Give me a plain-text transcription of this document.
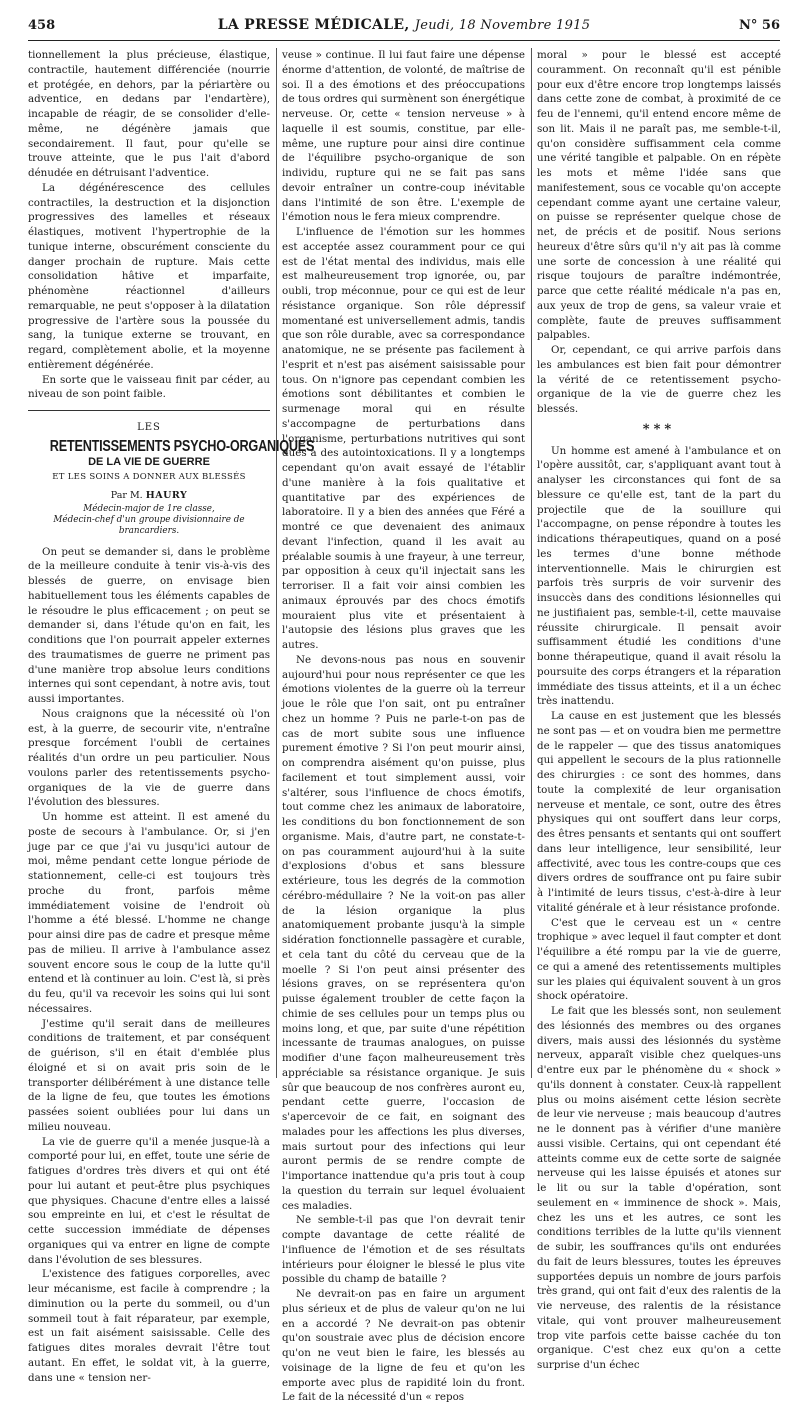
458	LA PRESSE MÉDICALE, Jeudi, 18 Novembre 1915	N° 56

tionnellement la plus précieuse, élastique, contractile, hautement différenciée (nourrie et protégée, en dehors, par la périartère ou adventice, en dedans par l'endartère), incapable de réagir, de se consolider d'elle-même, ne dégénère jamais que secondairement. Il faut, pour qu'elle se trouve atteinte, que le pus l'ait d'abord dénudée en détruisant l'adventice.

La dégénérescence des cellules contractiles, la destruction et la disjonction progressives des lamelles et réseaux élastiques, motivent l'hypertrophie de la tunique interne, obscurément consciente du danger prochain de rupture. Mais cette consolidation hâtive et imparfaite, phénomène réactionnel d'ailleurs remarquable, ne peut s'opposer à la dilatation progressive de l'artère sous la poussée du sang, la tunique externe se trouvant, en regard, complètement abolie, et la moyenne entièrement dégénérée.

En sorte que le vaisseau finit par céder, au niveau de son point faible.

LES
RETENTISSEMENTS PSYCHO-ORGANIQUES
DE LA VIE DE GUERRE
ET LES SOINS A DONNER AUX BLESSÉS
Par M. HAURY
Médecin-major de 1re classe,
Médecin-chef d'un groupe divisionnaire de brancardiers.

On peut se demander si, dans le problème de la meilleure conduite à tenir vis-à-vis des blessés de guerre, on envisage bien habituellement tous les éléments capables de le résoudre le plus efficacement ; on peut se demander si, dans l'étude qu'on en fait, les conditions que l'on pourrait appeler externes des traumatismes de guerre ne priment pas d'une manière trop absolue leurs conditions internes qui sont cependant, à notre avis, tout aussi importantes.

Nous craignons que la nécessité où l'on est, à la guerre, de secourir vite, n'entraîne presque forcément l'oubli de certaines réalités d'un ordre un peu particulier. Nous voulons parler des retentissements psycho-organiques de la vie de guerre dans l'évolution des blessures.

Un homme est atteint. Il est amené du poste de secours à l'ambulance. Or, si j'en juge par ce que j'ai vu jusqu'ici autour de moi, même pendant cette longue période de stationnement, celle-ci est toujours très proche du front, parfois même immédiatement voisine de l'endroit où l'homme a été blessé. L'homme ne change pour ainsi dire pas de cadre et presque même pas de milieu. Il arrive à l'ambulance assez souvent encore sous le coup de la lutte qu'il entend et là continuer au loin. C'est là, si près du feu, qu'il va recevoir les soins qui lui sont nécessaires.

J'estime qu'il serait dans de meilleures conditions de traitement, et par conséquent de guérison, s'il en était d'emblée plus éloigné et si on avait pris soin de le transporter délibérément à une distance telle de la ligne de feu, que toutes les émotions passées soient oubliées pour lui dans un milieu nouveau.

La vie de guerre qu'il a menée jusque-là a comporté pour lui, en effet, toute une série de fatigues d'ordres très divers et qui ont été pour lui autant et peut-être plus psychiques que physiques. Chacune d'entre elles a laissé sou empreinte en lui, et c'est le résultat de cette succession immédiate de dépenses organiques qui va entrer en ligne de compte dans l'évolution de ses blessures.

L'existence des fatigues corporelles, avec leur mécanisme, est facile à comprendre ; la diminution ou la perte du sommeil, ou d'un sommeil tout à fait réparateur, par exemple, est un fait aisément saisissable. Celle des fatigues dites morales devrait l'être tout autant. En effet, le soldat vit, à la guerre, dans une « tension ner-

veuse » continue. Il lui faut faire une dépense énorme d'attention, de volonté, de maîtrise de soi. Il a des émotions et des préoccupations de tous ordres qui surmènent son énergétique nerveuse. Or, cette « tension nerveuse » à laquelle il est soumis, constitue, par elle-même, une rupture pour ainsi dire continue de l'équilibre psycho-organique de son individu, rupture qui ne se fait pas sans devoir entraîner un contre-coup inévitable dans l'intimité de son être. L'exemple de l'émotion nous le fera mieux comprendre.

L'influence de l'émotion sur les hommes est acceptée assez couramment pour ce qui est de l'état mental des individus, mais elle est malheureusement trop ignorée, ou, par oubli, trop méconnue, pour ce qui est de leur résistance organique. Son rôle dépressif momentané est universellement admis, tandis que son rôle durable, avec sa correspondance anatomique, ne se présente pas facilement à l'esprit et n'est pas aisément saisissable pour tous. On n'ignore pas cependant combien les émotions sont débilitantes et combien le surmenage moral qui en résulte s'accompagne de perturbations dans l'organisme, perturbations nutritives qui sont dues à des autointoxications. Il y a longtemps cependant qu'on avait essayé de l'établir d'une manière à la fois qualitative et quantitative par des expériences de laboratoire. Il y a bien des années que Féré a montré ce que devenaient des animaux devant l'infection, quand il les avait au préalable soumis à une frayeur, à une terreur, par opposition à ceux qu'il injectait sans les terroriser. Il a fait voir ainsi combien les animaux éprouvés par des chocs émotifs mouraient plus vite et présentaient à l'autopsie des lésions plus graves que les autres.

Ne devons-nous pas nous en souvenir aujourd'hui pour nous représenter ce que les émotions violentes de la guerre où la terreur joue le rôle que l'on sait, ont pu entraîner chez un homme ? Puis ne parle-t-on pas de cas de mort subite sous une influence purement émotive ? Si l'on peut mourir ainsi, on comprendra aisément qu'on puisse, plus facilement et tout simplement aussi, voir s'altérer, sous l'influence de chocs émotifs, tout comme chez les animaux de laboratoire, les conditions du bon fonctionnement de son organisme. Mais, d'autre part, ne constate-t-on pas couramment aujourd'hui à la suite d'explosions d'obus et sans blessure extérieure, tous les degrés de la commotion cérébro-médullaire ? Ne la voit-on pas aller de la lésion organique la plus anatomiquement probante jusqu'à la simple sidération fonctionnelle passagère et curable, et cela tant du côté du cerveau que de la moelle ? Si l'on peut ainsi présenter des lésions graves, on se représentera qu'on puisse également troubler de cette façon la chimie de ses cellules pour un temps plus ou moins long, et que, par suite d'une répétition incessante de traumas analogues, on puisse modifier d'une façon malheureusement très appréciable sa résistance organique. Je suis sûr que beaucoup de nos confrères auront eu, pendant cette guerre, l'occasion de s'apercevoir de ce fait, en soignant des malades pour les affections les plus diverses, mais surtout pour des infections qui leur auront permis de se rendre compte de l'importance inattendue qu'a pris tout à coup la question du terrain sur lequel évoluaient ces maladies.

Ne semble-t-il pas que l'on devrait tenir compte davantage de cette réalité de l'influence de l'émotion et de ses résultats intérieurs pour éloigner le blessé le plus vite possible du champ de bataille ?

Ne devrait-on pas en faire un argument plus sérieux et de plus de valeur qu'on ne lui en a accordé ? Ne devrait-on pas obtenir qu'on soustraie avec plus de décision encore qu'on ne veut bien le faire, les blessés au voisinage de la ligne de feu et qu'on les emporte avec plus de rapidité loin du front. Le fait de la nécessité d'un « repos

moral » pour le blessé est accepté couramment. On reconnaît qu'il est pénible pour eux d'être encore trop longtemps laissés dans cette zone de combat, à proximité de ce feu de l'ennemi, qu'il entend encore même de son lit. Mais il ne paraît pas, me semble-t-il, qu'on considère suffisamment cela comme une vérité tangible et palpable. On en répète les mots et même l'idée sans que manifestement, sous ce vocable qu'on accepte cependant comme ayant une certaine valeur, on puisse se représenter quelque chose de net, de précis et de positif. Nous serions heureux d'être sûrs qu'il n'y ait pas là comme une sorte de concession à une réalité qui risque toujours de paraître indémontrée, parce que cette réalité médicale n'a pas en, aux yeux de trop de gens, sa valeur vraie et complète, faute de preuves suffisamment palpables.

Or, cependant, ce qui arrive parfois dans les ambulances est bien fait pour démontrer la vérité de ce retentissement psycho-organique de la vie de guerre chez les blessés.

***

Un homme est amené à l'ambulance et on l'opère aussitôt, car, s'appliquant avant tout à analyser les circonstances qui font de sa blessure ce qu'elle est, tant de la part du projectile que de la souillure qui l'accompagne, on pense répondre à toutes les indications thérapeutiques, quand on a posé les termes d'une bonne méthode interventionnelle. Mais le chirurgien est parfois très surpris de voir survenir des insuccès dans des conditions lésionnelles qui ne justifiaient pas, semble-t-il, cette mauvaise réussite chirurgicale. Il pensait avoir suffisamment étudié les conditions d'une bonne thérapeutique, quand il avait résolu la poursuite des corps étrangers et la réparation immédiate des tissus atteints, et il a un échec très inattendu.

La cause en est justement que les blessés ne sont pas — et on voudra bien me permettre de le rappeler — que des tissus anatomiques qui appellent le secours de la plus rationnelle des chirurgies : ce sont des hommes, dans toute la complexité de leur organisation nerveuse et mentale, ce sont, outre des êtres physiques qui ont souffert dans leur corps, des êtres pensants et sentants qui ont souffert dans leur intelligence, leur sensibilité, leur affectivité, avec tous les contre-coups que ces divers ordres de souffrance ont pu faire subir à l'intimité de leurs tissus, c'est-à-dire à leur vitalité générale et à leur résistance profonde.

C'est que le cerveau est un « centre trophique » avec lequel il faut compter et dont l'équilibre a été rompu par la vie de guerre, ce qui a amené des retentissements multiples sur les plaies qui équivalent souvent à un gros shock opératoire.

Le fait que les blessés sont, non seulement des lésionnés des membres ou des organes divers, mais aussi des lésionnés du système nerveux, apparaît visible chez quelques-uns d'entre eux par le phénomène du « shock » qu'ils donnent à constater. Ceux-là rappellent plus ou moins aisément cette lésion secrète de leur vie nerveuse ; mais beaucoup d'autres ne le donnent pas à vérifier d'une manière aussi visible. Certains, qui ont cependant été atteints comme eux de cette sorte de saignée nerveuse qui les laisse épuisés et atones sur le lit ou sur la table d'opération, sont seulement en « imminence de shock ». Mais, chez les uns et les autres, ce sont les conditions terribles de la lutte qu'ils viennent de subir, les souffrances qu'ils ont endurées du fait de leurs blessures, toutes les épreuves supportées depuis un nombre de jours parfois très grand, qui ont fait d'eux des ralentis de la vie nerveuse, des ralentis de la résistance vitale, qui vont prouver malheureusement trop vite parfois cette baisse cachée du ton organique. C'est chez eux qu'on a cette surprise d'un échec
